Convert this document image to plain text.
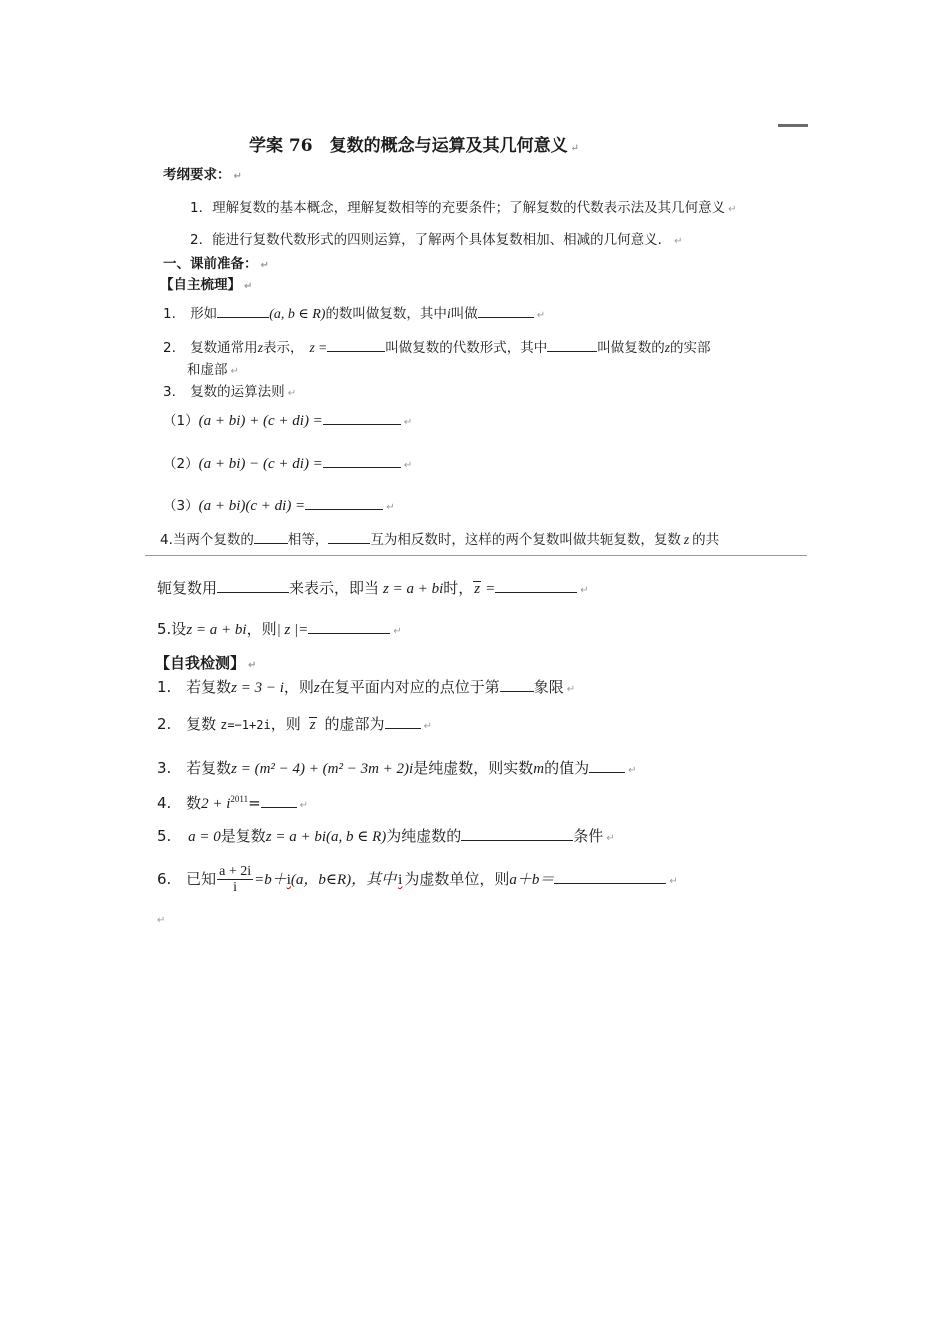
学案 76　复数的概念与运算及其几何意义 ↵
考纲要求： ↵
1．理解复数的基本概念，理解复数相等的充要条件；了解复数的代数表示法及其几何意义 ↵
2．能进行复数代数形式的四则运算，了解两个具体复数相加、相减的几何意义． ↵
一、课前准备： ↵
【自主梳理】 ↵
1. 形如	(a, b ∈ R)的数叫做复数，其中i叫做	↵
2. 复数通常用z表示， z =	叫做复数的代数形式，其中	叫做复数的z的实部
和虚部 ↵
3. 复数的运算法则 ↵
（1）(a + bi) + (c + di) =	↵
（2）(a + bi) − (c + di) =	↵
（3）(a + bi)(c + di) =	↵
4.当两个复数的	相等，	互为相反数时，这样的两个复数叫做共轭复数，复数 z 的共
轭复数用	来表示，即当 z = a + bi时，z =	↵
5.设z = a + bi，则| z |=	↵
【自我检测】 ↵
1. 若复数z = 3 − i，则z在复平面内对应的点位于第 象限 ↵
2. 复数 z=−1+2i，则 z 的虚部为	↵
3. 若复数z = (m² − 4) + (m² − 3m + 2)i是纯虚数，则实数m的值为	↵
4. 数$2 + i^{2011}=$	↵
5. a = 0是复数z = a + bi(a, b ∈ R)为纯虚数的	条件 ↵
6. 已知 $\frac{a + 2i}{i} =b+i(a$，b∈R)，其中 i 为虚数单位，则a＋b＝	↵
↵
